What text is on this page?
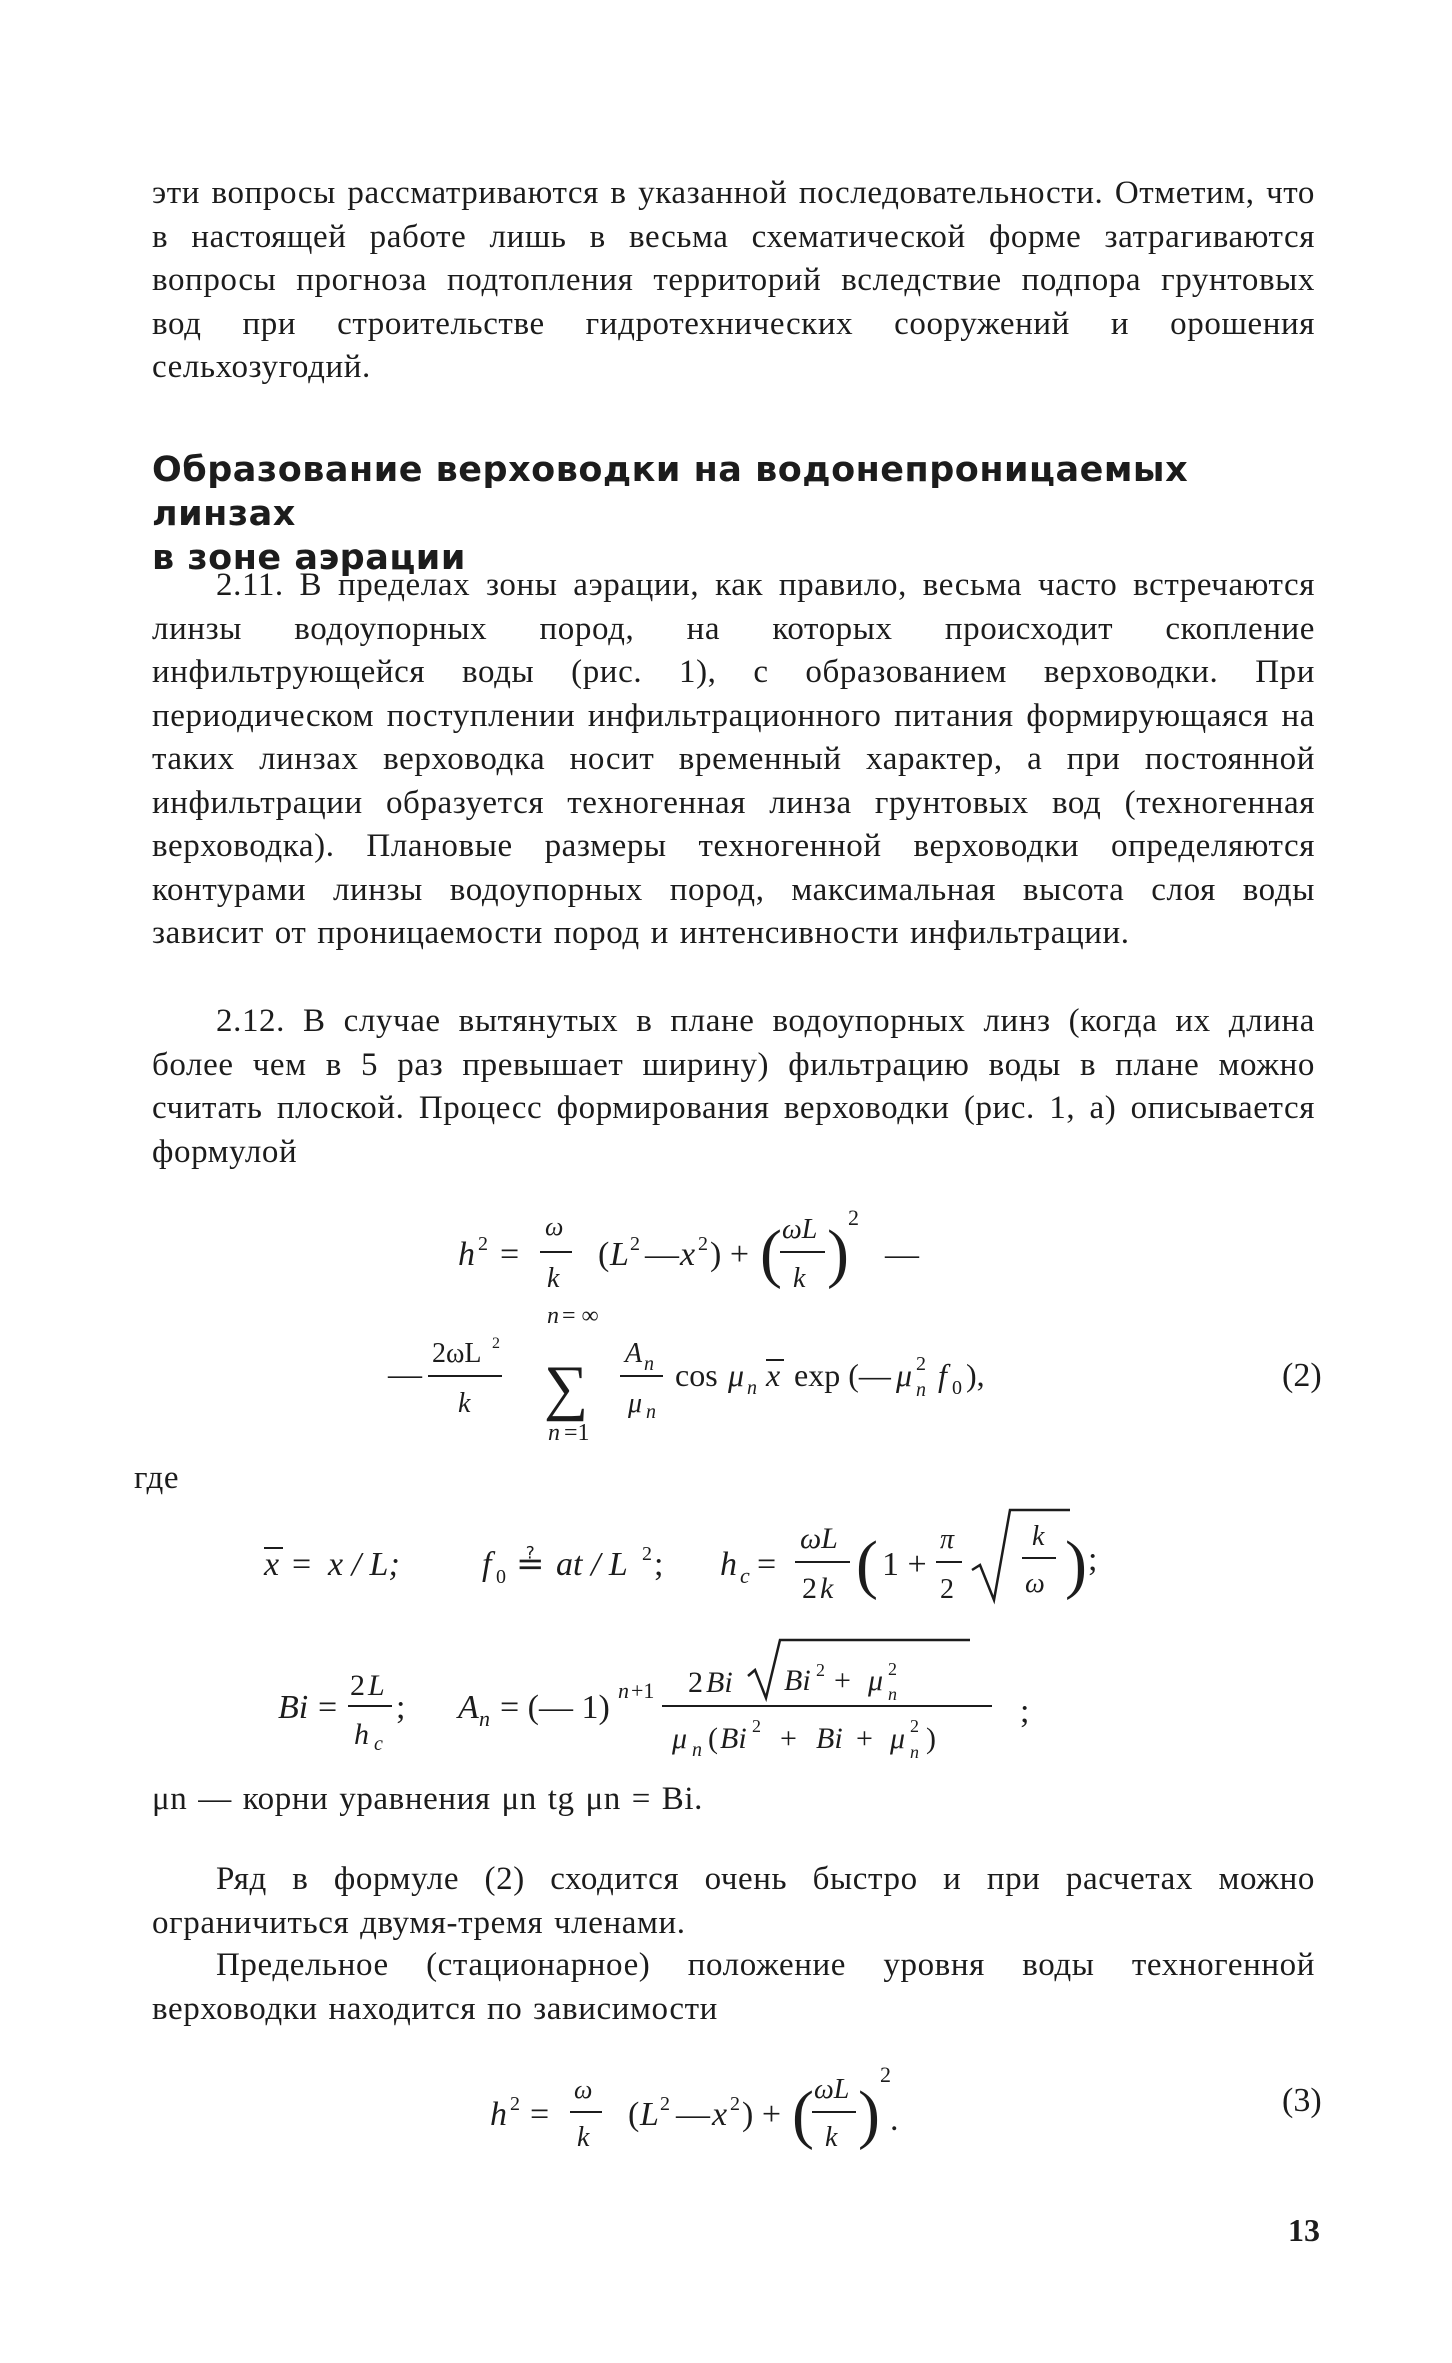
эти вопросы рассматриваются в указанной последовательности. Отметим, что в настоящей работе лишь в весьма схематической форме затрагиваются вопросы прогноза подтопления территорий вследствие подпора грунтовых вод при строительстве гидротехнических сооружений и орошения сельхозугодий.

Образование верховодки на водонепроницаемых линзах
в зоне аэрации

2.11. В пределах зоны аэрации, как правило, весьма часто встречаются линзы водоупорных пород, на которых происходит скопление инфильтрующейся воды (рис. 1), с образованием верховодки. При периодическом поступлении инфильтрационного питания формирующаяся на таких линзах верховодка носит временный характер, а при постоянной инфильтрации образуется техногенная линза грунтовых вод (техногенная верховодка). Плановые размеры техногенной верховодки определяются контурами линзы водоупорных пород, максимальная высота слоя воды зависит от проницаемости пород и интенсивности инфильтрации.

2.12. В случае вытянутых в плане водоупорных линз (когда их длина более чем в 5 раз превышает ширину) фильтрацию воды в плане можно считать плоской. Процесс формирования верховодки (рис. 1, а) описывается формулой

h 2 =
ω
k
( L 2 — x 2 ) + ( ωL
k ) 2
—
n = ∞
—
2ωL 2
k ∑
n =1
A n
μ n
cos μ n x exp (— μ 2
n f 0 ),	(2)
где
x = x / L; f 0 ≟ at / L 2 ; h c =
ωL
2 k ( 1 +
π
2
k
ω ) ;
Bi =
2 L
h c
; A n = (— 1) n +1 2 Bi Bi 2 + μ 2
n
μ n ( Bi 2 + Bi + μ 2
n )
;

μn — корни уравнения μn tg μn = Bi.

Ряд в формуле (2) сходится очень быстро и при расчетах можно ограничиться двумя-тремя членами.

Предельное (стационарное) положение уровня воды техногенной верховодки находится по зависимости

h 2 =
ω
k
( L 2 — x 2 ) + ( ωL
k )
2
.
(3)
13
